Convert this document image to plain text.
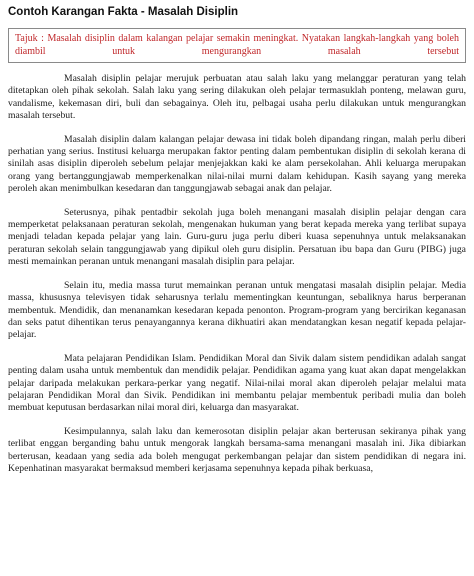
Contoh Karangan Fakta - Masalah Disiplin
Tajuk : Masalah disiplin dalam kalangan pelajar semakin meningkat. Nyatakan langkah-langkah yang boleh diambil untuk mengurangkan masalah tersebut

Masalah disiplin pelajar merujuk perbuatan atau salah laku yang melanggar peraturan yang telah ditetapkan oleh pihak sekolah. Salah laku yang sering dilakukan oleh pelajar termasuklah ponteng, melawan guru, vandalisme, kekemasan diri, buli dan sebagainya. Oleh itu, pelbagai usaha perlu dilakukan untuk mengurangkan masalah tersebut.

Masalah disiplin dalam kalangan pelajar dewasa ini tidak boleh dipandang ringan, malah perlu diberi perhatian yang serius. Institusi keluarga merupakan faktor penting dalam pembentukan disiplin di sekolah kerana di sinilah asas disiplin diperoleh sebelum pelajar menjejakkan kaki ke alam persekolahan. Ahli keluarga merupakan orang yang bertanggungjawab memperkenalkan nilai-nilai murni dalam kehidupan. Kasih sayang yang mereka peroleh akan menimbulkan kesedaran dan tanggungjawab sebagai anak dan pelajar.

Seterusnya, pihak pentadbir sekolah juga boleh menangani masalah disiplin pelajar dengan cara memperketat pelaksanaan peraturan sekolah, mengenakan hukuman yang berat kepada mereka yang terlibat supaya menjadi teladan kepada pelajar yang lain. Guru-guru juga perlu diberi kuasa sepenuhnya untuk melaksanakan peraturan sekolah selain tanggungjawab yang dipikul oleh guru disiplin. Persatuan ibu bapa dan Guru (PIBG) juga mesti memainkan peranan untuk menangani masalah disiplin para pelajar.

Selain itu, media massa turut memainkan peranan untuk mengatasi masalah disiplin pelajar. Media massa, khususnya televisyen tidak seharusnya terlalu mementingkan keuntungan, sebaliknya harus berperanan membentuk. Mendidik, dan menanamkan kesedaran kepada penonton. Program-program yang bercirikan keganasan dan seks patut dihentikan terus penayangannya kerana dikhuatiri akan mendatangkan kesan negatif kepada pelajar-pelajar.

Mata pelajaran Pendidikan Islam. Pendidikan Moral dan Sivik dalam sistem pendidikan adalah sangat penting dalam usaha untuk membentuk dan mendidik pelajar. Pendidikan agama yang kuat akan dapat mengelakkan pelajar daripada melakukan perkara-perkar yang negatif. Nilai-nilai moral akan diperoleh pelajar melalui mata pelajaran Pendidikan Moral dan Sivik. Pendidikan ini membantu pelajar membentuk peribadi mulia dan boleh membuat keputusan berdasarkan nilai moral diri, keluarga dan masyarakat.

Kesimpulannya, salah laku dan kemerosotan disiplin pelajar akan berterusan sekiranya pihak yang terlibat enggan berganding bahu untuk mengorak langkah bersama-sama menangani masalah ini. Jika dibiarkan berterusan, keadaan yang sedia ada boleh mengugat perkembangan pelajar dan sistem pendidikan di negara ini. Kepenhatinan masyarakat bermaksud memberi kerjasama sepenuhnya kepada pihak berkuasa,
